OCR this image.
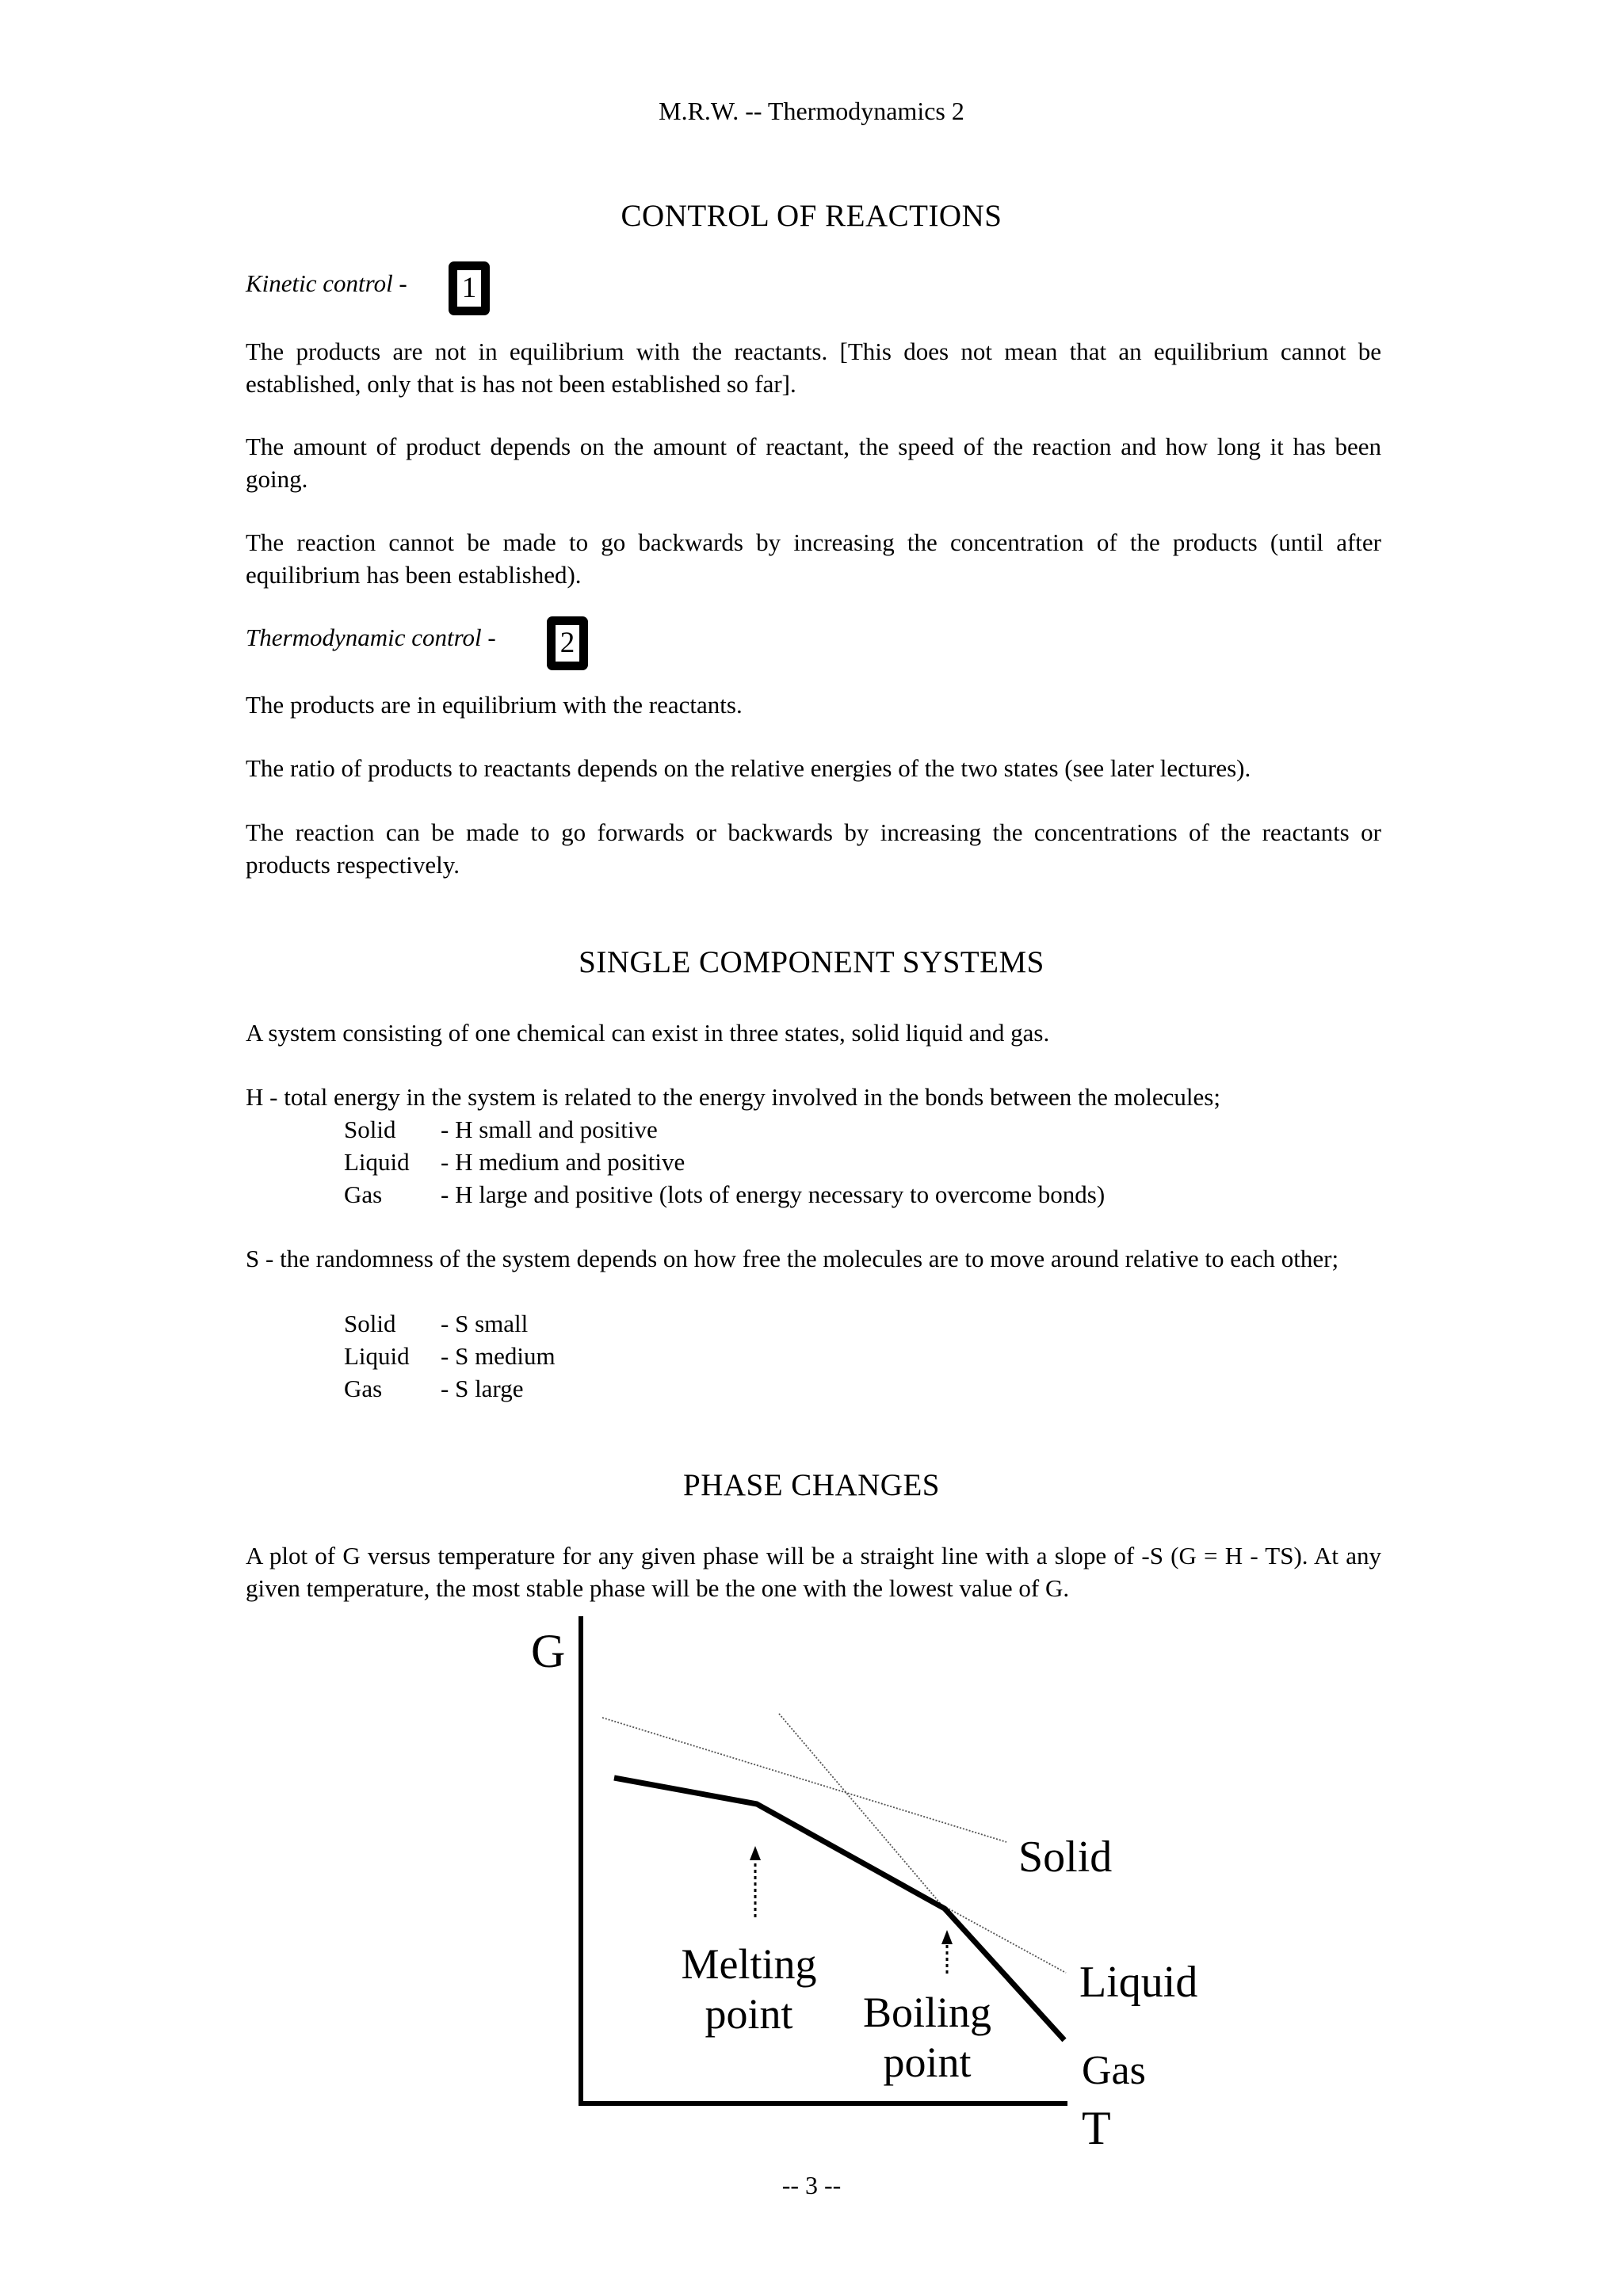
M.R.W. -- Thermodynamics 2
CONTROL OF REACTIONS
Kinetic control -	1
The products are not in equilibrium with the reactants. [This does not mean that an equilibrium cannot be established, only that is has not been established so far].
The amount of product depends on the amount of reactant, the speed of the reaction and how long it has been going.
The reaction cannot be made to go backwards by increasing the concentration of the products (until after equilibrium has been established).
Thermodynamic control -	2
The products are in equilibrium with the reactants.
The ratio of products to reactants depends on the relative energies of the two states (see later lectures).
The reaction can be made to go forwards or backwards by increasing the concentrations of the reactants or products respectively.
SINGLE COMPONENT SYSTEMS
A system consisting of one chemical can exist in three states, solid liquid and gas.
H - total energy in the system is related to the energy involved in the bonds between the molecules;
Solid - H small and positive
Liquid - H medium and positive
Gas - H large and positive (lots of energy necessary to overcome bonds)
S - the randomness of the system depends on how free the molecules are to move around relative to each other;
Solid - S small
Liquid - S medium
Gas - S large
PHASE CHANGES
A plot of G versus temperature for any given phase will be a straight line with a slope of -S (G = H - TS). At any given temperature, the most stable phase will be the one with the lowest value of G.
G
T
Solid
Liquid
Gas
Melting
point Boiling
point
-- 3 --
